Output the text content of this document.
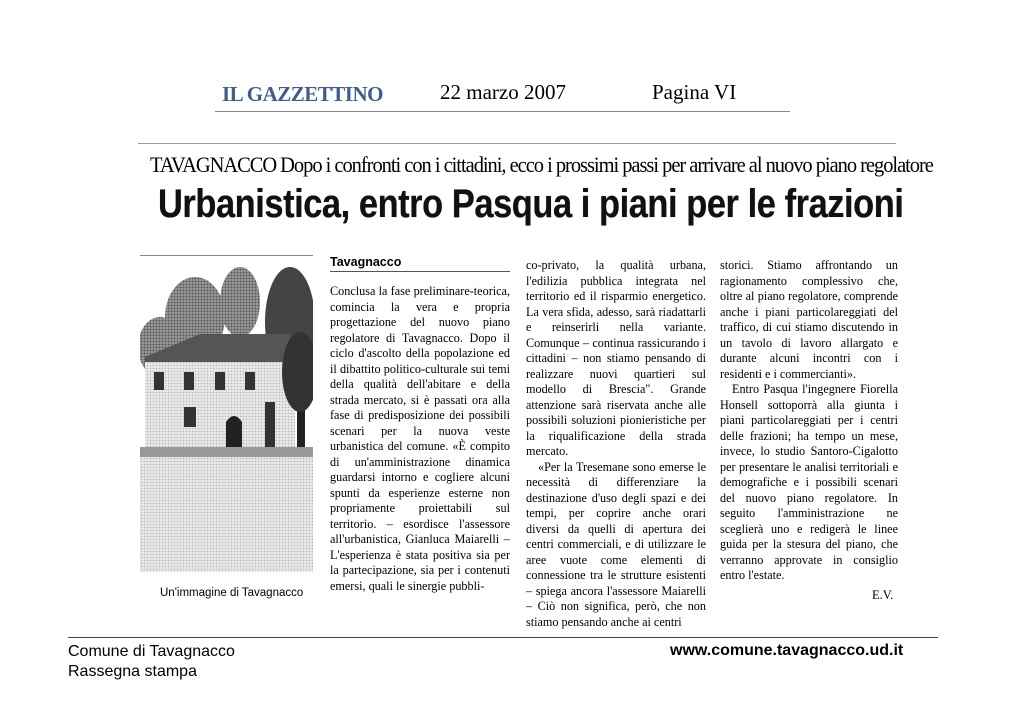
IL GAZZETTINO	22 marzo 2007	Pagina VI
TAVAGNACCO Dopo i confronti con i cittadini, ecco i prossimi passi per arrivare al nuovo piano regolatore
Urbanistica, entro Pasqua i piani per le frazioni
Un'immagine di Tavagnacco
Tavagnacco

Conclusa la fase preliminare-teorica, comincia la vera e propria progettazione del nuovo piano regolatore di Tavagnacco. Dopo il ciclo d'ascolto della popolazione ed il dibattito politico-culturale sui temi della qualità dell'abitare e della strada mercato, si è passati ora alla fase di predisposizione dei possibili scenari per la nuova veste urbanistica del comune. «È compito di un'amministrazione dinamica guardarsi intorno e cogliere alcuni spunti da esperienze esterne non propriamente proiettabili sul territorio. – esordisce l'assessore all'urbanistica, Gianluca Maiarelli – L'esperienza è stata positiva sia per la partecipazione, sia per i contenuti emersi, quali le sinergie pubbli-

co-privato, la qualità urbana, l'edilizia pubblica integrata nel territorio ed il risparmio energetico. La vera sfida, adesso, sarà riadattarli e reinserirli nella variante. Comunque – continua rassicurando i cittadini – non stiamo pensando di realizzare nuovi quartieri sul modello di Brescia". Grande attenzione sarà riservata anche alle possibili soluzioni pionieristiche per la riqualificazione della strada mercato.

«Per la Tresemane sono emerse le necessità di differenziare la destinazione d'uso degli spazi e dei tempi, per coprire anche orari diversi da quelli di apertura dei centri commerciali, e di utilizzare le aree vuote come elementi di connessione tra le strutture esistenti – spiega ancora l'assessore Maiarelli – Ciò non significa, però, che non stiamo pensando anche ai centri

storici. Stiamo affrontando un ragionamento complessivo che, oltre al piano regolatore, comprende anche i piani particolareggiati del traffico, di cui stiamo discutendo in un tavolo di lavoro allargato e durante alcuni incontri con i residenti e i commercianti».

Entro Pasqua l'ingegnere Fiorella Honsell sottoporrà alla giunta i piani particolareggiati per i centri delle frazioni; ha tempo un mese, invece, lo studio Santoro-Cigalotto per presentare le analisi territoriali e demografiche e i possibili scenari del nuovo piano regolatore. In seguito l'amministrazione ne sceglierà uno e redigerà le linee guida per la stesura del piano, che verranno approvate in consiglio entro l'estate.

E.V.
Comune di Tavagnacco
Rassegna stampa
www.comune.tavagnacco.ud.it
